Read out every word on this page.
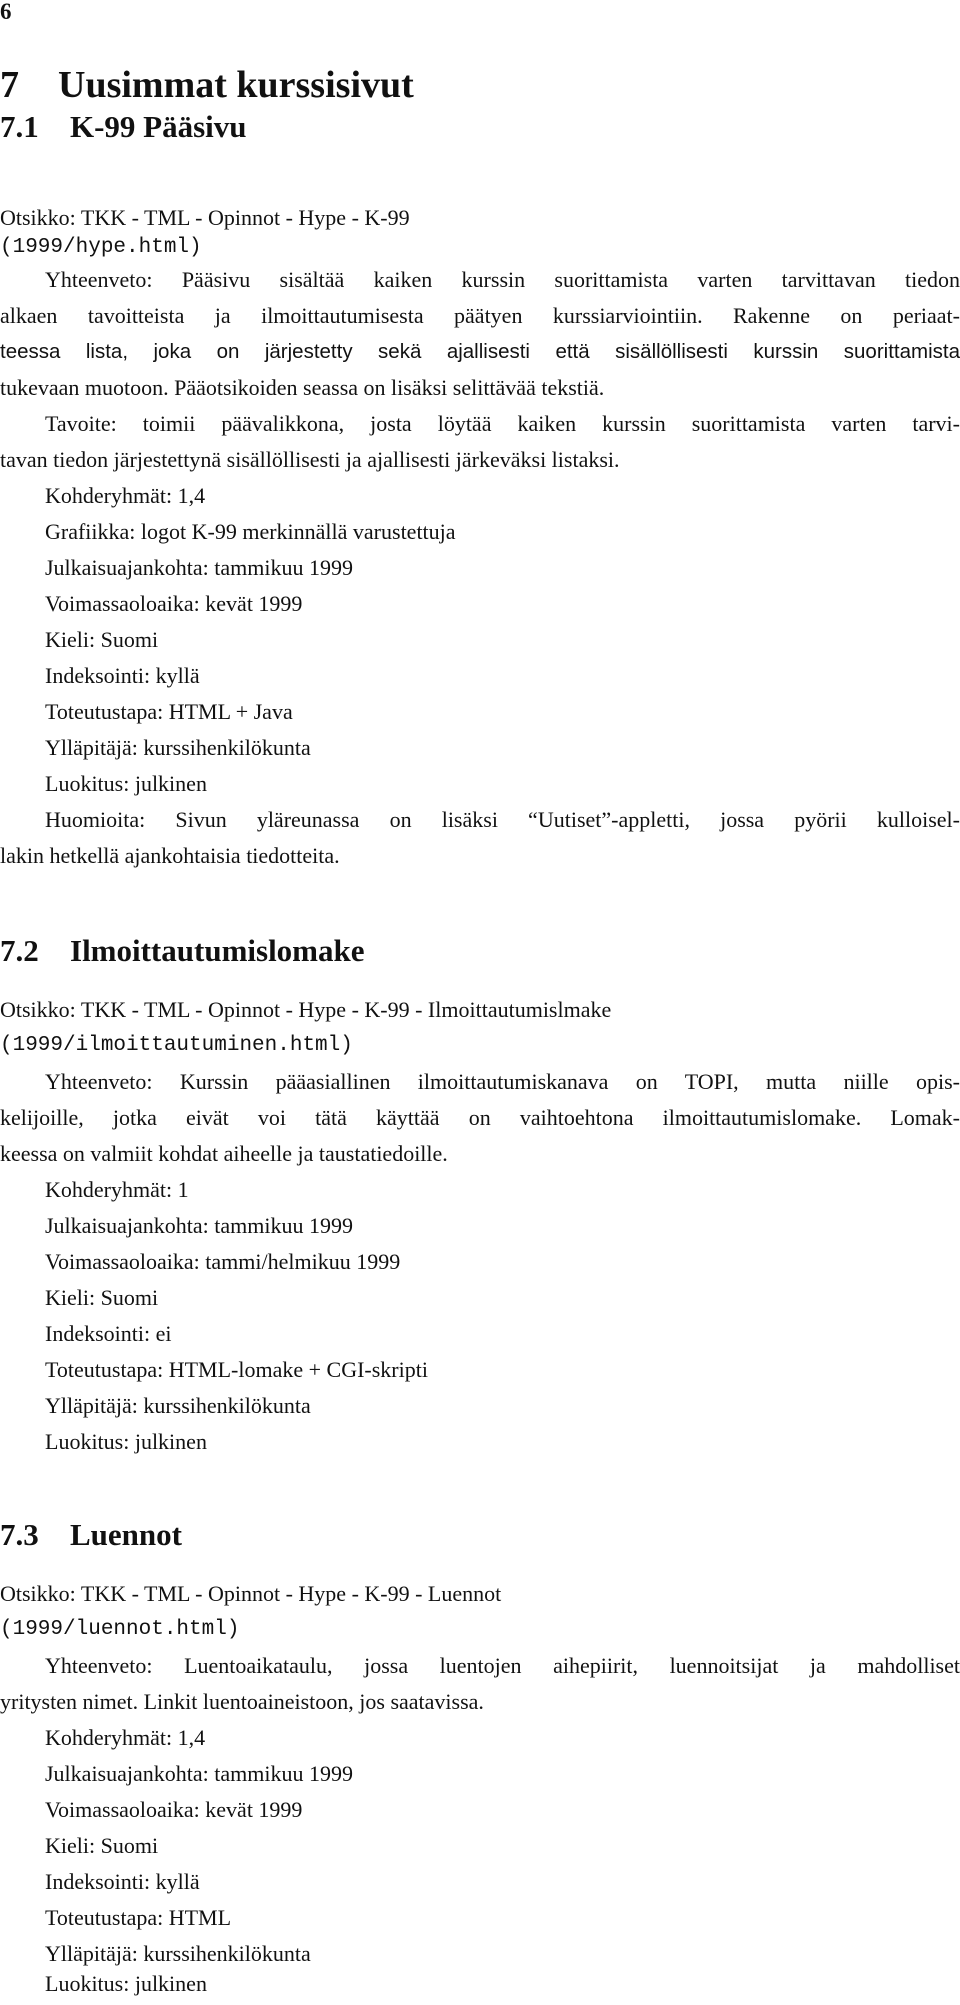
6
7 Uusimmat kurssisivut
7.1 K-99 Pääsivu
Otsikko: TKK - TML - Opinnot - Hype - K-99
(1999/hype.html)
Yhteenveto: Pääsivu sisältää kaiken kurssin suorittamista varten tarvittavan tiedon
alkaen tavoitteista ja ilmoittautumisesta päätyen kurssiarviointiin. Rakenne on periaat-
teessa lista, joka on järjestetty sekä ajallisesti että sisällöllisesti kurssin suorittamista
tukevaan muotoon. Pääotsikoiden seassa on lisäksi selittävää tekstiä.
Tavoite: toimii päävalikkona, josta löytää kaiken kurssin suorittamista varten tarvi-
tavan tiedon järjestettynä sisällöllisesti ja ajallisesti järkeväksi listaksi.
Kohderyhmät: 1,4
Grafiikka: logot K-99 merkinnällä varustettuja
Julkaisuajankohta: tammikuu 1999
Voimassaoloaika: kevät 1999
Kieli: Suomi
Indeksointi: kyllä
Toteutustapa: HTML + Java
Ylläpitäjä: kurssihenkilökunta
Luokitus: julkinen
Huomioita: Sivun yläreunassa on lisäksi “Uutiset”-appletti, jossa pyörii kulloisel-
lakin hetkellä ajankohtaisia tiedotteita.
7.2 Ilmoittautumislomake
Otsikko: TKK - TML - Opinnot - Hype - K-99 - Ilmoittautumislmake
(1999/ilmoittautuminen.html)
Yhteenveto: Kurssin pääasiallinen ilmoittautumiskanava on TOPI, mutta niille opis-
kelijoille, jotka eivät voi tätä käyttää on vaihtoehtona ilmoittautumislomake. Lomak-
keessa on valmiit kohdat aiheelle ja taustatiedoille.
Kohderyhmät: 1
Julkaisuajankohta: tammikuu 1999
Voimassaoloaika: tammi/helmikuu 1999
Kieli: Suomi
Indeksointi: ei
Toteutustapa: HTML-lomake + CGI-skripti
Ylläpitäjä: kurssihenkilökunta
Luokitus: julkinen
7.3 Luennot
Otsikko: TKK - TML - Opinnot - Hype - K-99 - Luennot
(1999/luennot.html)
Yhteenveto: Luentoaikataulu, jossa luentojen aihepiirit, luennoitsijat ja mahdolliset
yritysten nimet. Linkit luentoaineistoon, jos saatavissa.
Kohderyhmät: 1,4
Julkaisuajankohta: tammikuu 1999
Voimassaoloaika: kevät 1999
Kieli: Suomi
Indeksointi: kyllä
Toteutustapa: HTML
Ylläpitäjä: kurssihenkilökunta
Luokitus: julkinen
